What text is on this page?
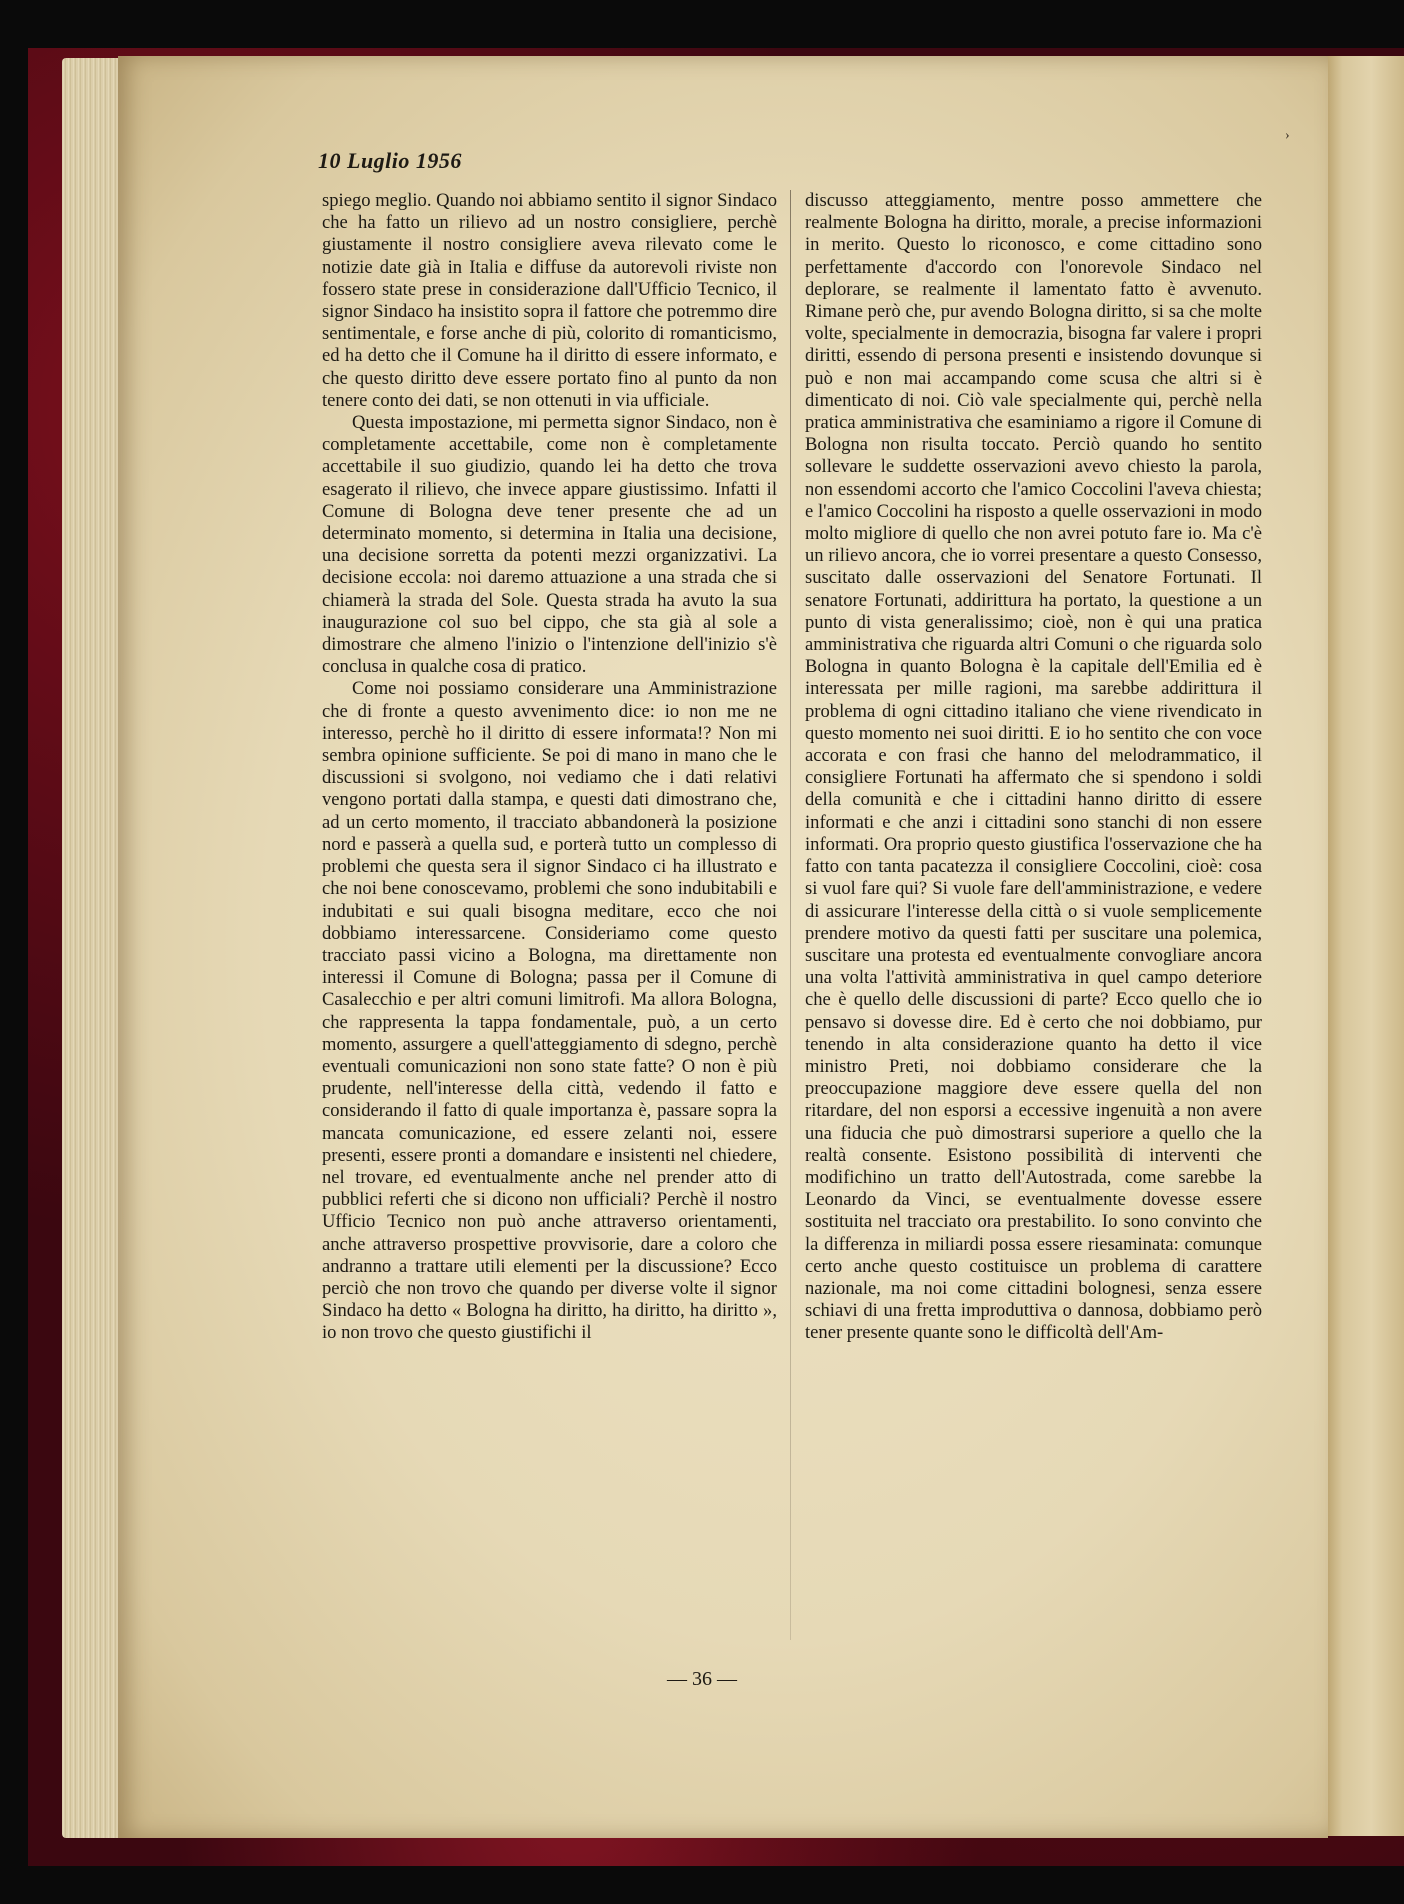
10 Luglio 1956
›

spiego meglio. Quando noi abbiamo sentito il signor Sindaco che ha fatto un rilievo ad un nostro consigliere, perchè giustamente il nostro consigliere aveva rilevato come le notizie date già in Italia e diffuse da autorevoli riviste non fossero state prese in considerazione dall'Ufficio Tecnico, il signor Sindaco ha insistito sopra il fattore che potremmo dire sentimentale, e forse anche di più, colorito di romanticismo, ed ha detto che il Comune ha il diritto di essere informato, e che questo diritto deve essere portato fino al punto da non tenere conto dei dati, se non ottenuti in via ufficiale.

Questa impostazione, mi permetta signor Sindaco, non è completamente accettabile, come non è completamente accettabile il suo giudizio, quando lei ha detto che trova esagerato il rilievo, che invece appare giustissimo. Infatti il Comune di Bologna deve tener presente che ad un determinato momento, si determina in Italia una decisione, una decisione sorretta da potenti mezzi organizzativi. La decisione eccola: noi daremo attuazione a una strada che si chiamerà la strada del Sole. Questa strada ha avuto la sua inaugurazione col suo bel cippo, che sta già al sole a dimostrare che almeno l'inizio o l'intenzione dell'inizio s'è conclusa in qualche cosa di pratico.

Come noi possiamo considerare una Amministrazione che di fronte a questo avvenimento dice: io non me ne interesso, perchè ho il diritto di essere informata!? Non mi sembra opinione sufficiente. Se poi di mano in mano che le discussioni si svolgono, noi vediamo che i dati relativi vengono portati dalla stampa, e questi dati dimostrano che, ad un certo momento, il tracciato abbandonerà la posizione nord e passerà a quella sud, e porterà tutto un complesso di problemi che questa sera il signor Sindaco ci ha illustrato e che noi bene conoscevamo, problemi che sono indubitabili e indubitati e sui quali bisogna meditare, ecco che noi dobbiamo interessarcene. Consideriamo come questo tracciato passi vicino a Bologna, ma direttamente non interessi il Comune di Bologna; passa per il Comune di Casalecchio e per altri comuni limitrofi. Ma allora Bologna, che rappresenta la tappa fondamentale, può, a un certo momento, assurgere a quell'atteggiamento di sdegno, perchè eventuali comunicazioni non sono state fatte? O non è più prudente, nell'interesse della città, vedendo il fatto e considerando il fatto di quale importanza è, passare sopra la mancata comunicazione, ed essere zelanti noi, essere presenti, essere pronti a domandare e insistenti nel chiedere, nel trovare, ed eventualmente anche nel prender atto di pubblici referti che si dicono non ufficiali? Perchè il nostro Ufficio Tecnico non può anche attraverso orientamenti, anche attraverso prospettive provvisorie, dare a coloro che andranno a trattare utili elementi per la discussione? Ecco perciò che non trovo che quando per diverse volte il signor Sindaco ha detto « Bologna ha diritto, ha diritto, ha diritto », io non trovo che questo giustifichi il

discusso atteggiamento, mentre posso ammettere che realmente Bologna ha diritto, morale, a precise informazioni in merito. Questo lo riconosco, e come cittadino sono perfettamente d'accordo con l'onorevole Sindaco nel deplorare, se realmente il lamentato fatto è avvenuto. Rimane però che, pur avendo Bologna diritto, si sa che molte volte, specialmente in democrazia, bisogna far valere i propri diritti, essendo di persona presenti e insistendo dovunque si può e non mai accampando come scusa che altri si è dimenticato di noi. Ciò vale specialmente qui, perchè nella pratica amministrativa che esaminiamo a rigore il Comune di Bologna non risulta toccato. Perciò quando ho sentito sollevare le suddette osservazioni avevo chiesto la parola, non essendomi accorto che l'amico Coccolini l'aveva chiesta; e l'amico Coccolini ha risposto a quelle osservazioni in modo molto migliore di quello che non avrei potuto fare io. Ma c'è un rilievo ancora, che io vorrei presentare a questo Consesso, suscitato dalle osservazioni del Senatore Fortunati. Il senatore Fortunati, addirittura ha portato, la questione a un punto di vista generalissimo; cioè, non è qui una pratica amministrativa che riguarda altri Comuni o che riguarda solo Bologna in quanto Bologna è la capitale dell'Emilia ed è interessata per mille ragioni, ma sarebbe addirittura il problema di ogni cittadino italiano che viene rivendicato in questo momento nei suoi diritti. E io ho sentito che con voce accorata e con frasi che hanno del melodrammatico, il consigliere Fortunati ha affermato che si spendono i soldi della comunità e che i cittadini hanno diritto di essere informati e che anzi i cittadini sono stanchi di non essere informati. Ora proprio questo giustifica l'osservazione che ha fatto con tanta pacatezza il consigliere Coccolini, cioè: cosa si vuol fare qui? Si vuole fare dell'amministrazione, e vedere di assicurare l'interesse della città o si vuole semplicemente prendere motivo da questi fatti per suscitare una polemica, suscitare una protesta ed eventualmente convogliare ancora una volta l'attività amministrativa in quel campo deteriore che è quello delle discussioni di parte? Ecco quello che io pensavo si dovesse dire. Ed è certo che noi dobbiamo, pur tenendo in alta considerazione quanto ha detto il vice ministro Preti, noi dobbiamo considerare che la preoccupazione maggiore deve essere quella del non ritardare, del non esporsi a eccessive ingenuità a non avere una fiducia che può dimostrarsi superiore a quello che la realtà consente. Esistono possibilità di interventi che modifichino un tratto dell'Autostrada, come sarebbe la Leonardo da Vinci, se eventualmente dovesse essere sostituita nel tracciato ora prestabilito. Io sono convinto che la differenza in miliardi possa essere riesaminata: comunque certo anche questo costituisce un problema di carattere nazionale, ma noi come cittadini bolognesi, senza essere schiavi di una fretta improduttiva o dannosa, dobbiamo però tener presente quante sono le difficoltà dell'Am-

— 36 —
